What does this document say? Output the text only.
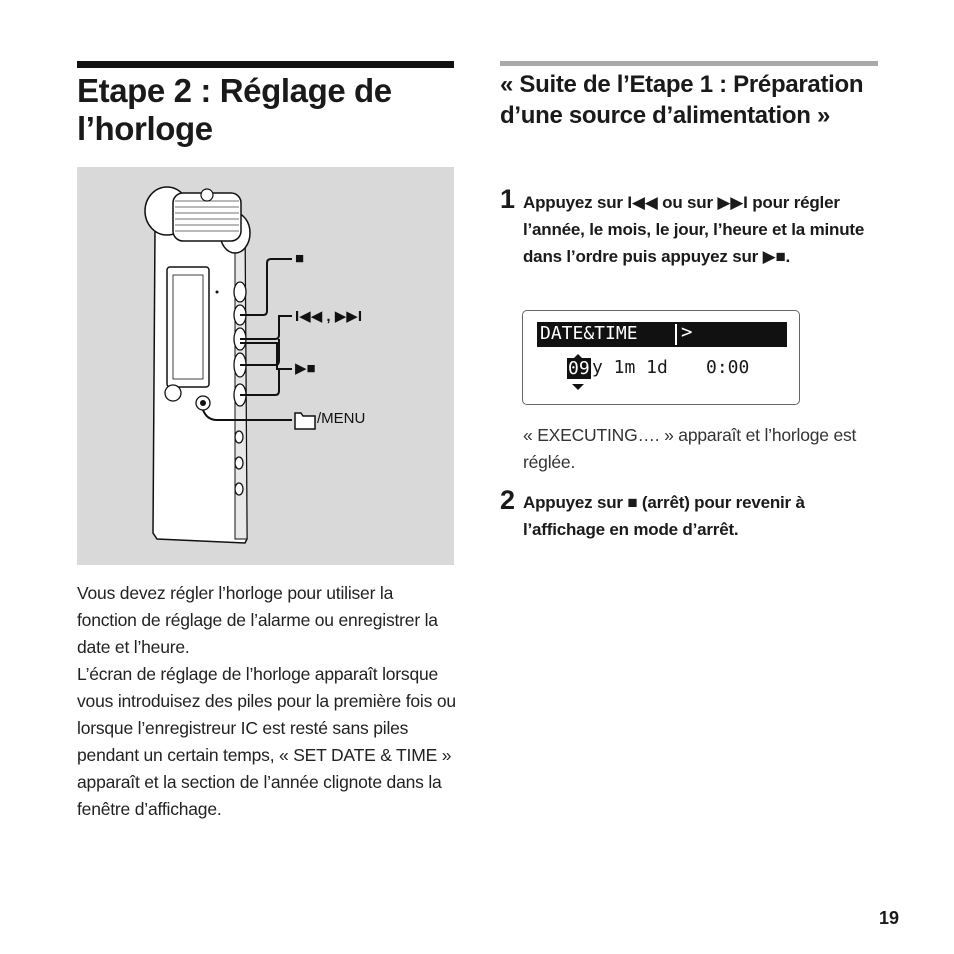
Etape 2 : Réglage de l’horloge
■
I◀◀ , ▶▶I
▶■
/MENU

Vous devez régler l’horloge pour utiliser la fonction de réglage de l’alarme ou enregistrer la date et l’heure.

L’écran de réglage de l’horloge apparaît lorsque vous introduisez des piles pour la première fois ou lorsque l’enregistreur IC est resté sans piles pendant un certain temps, « SET DATE & TIME » apparaît et la section de l’année clignote dans la fenêtre d’affichage.

« Suite de l’Etape 1 : Préparation d’une source d’alimentation »
1 Appuyez sur I◀◀ ou sur ▶▶I pour régler l’année, le mois, le jour, l’heure et la minute dans l’ordre puis appuyez sur ▶■.
DATE&TIME >
09 y 1m 1d 0:00
« EXECUTING…. » apparaît et l’horloge est réglée.
2 Appuyez sur ■ (arrêt) pour revenir à l’affichage en mode d’arrêt.
19
